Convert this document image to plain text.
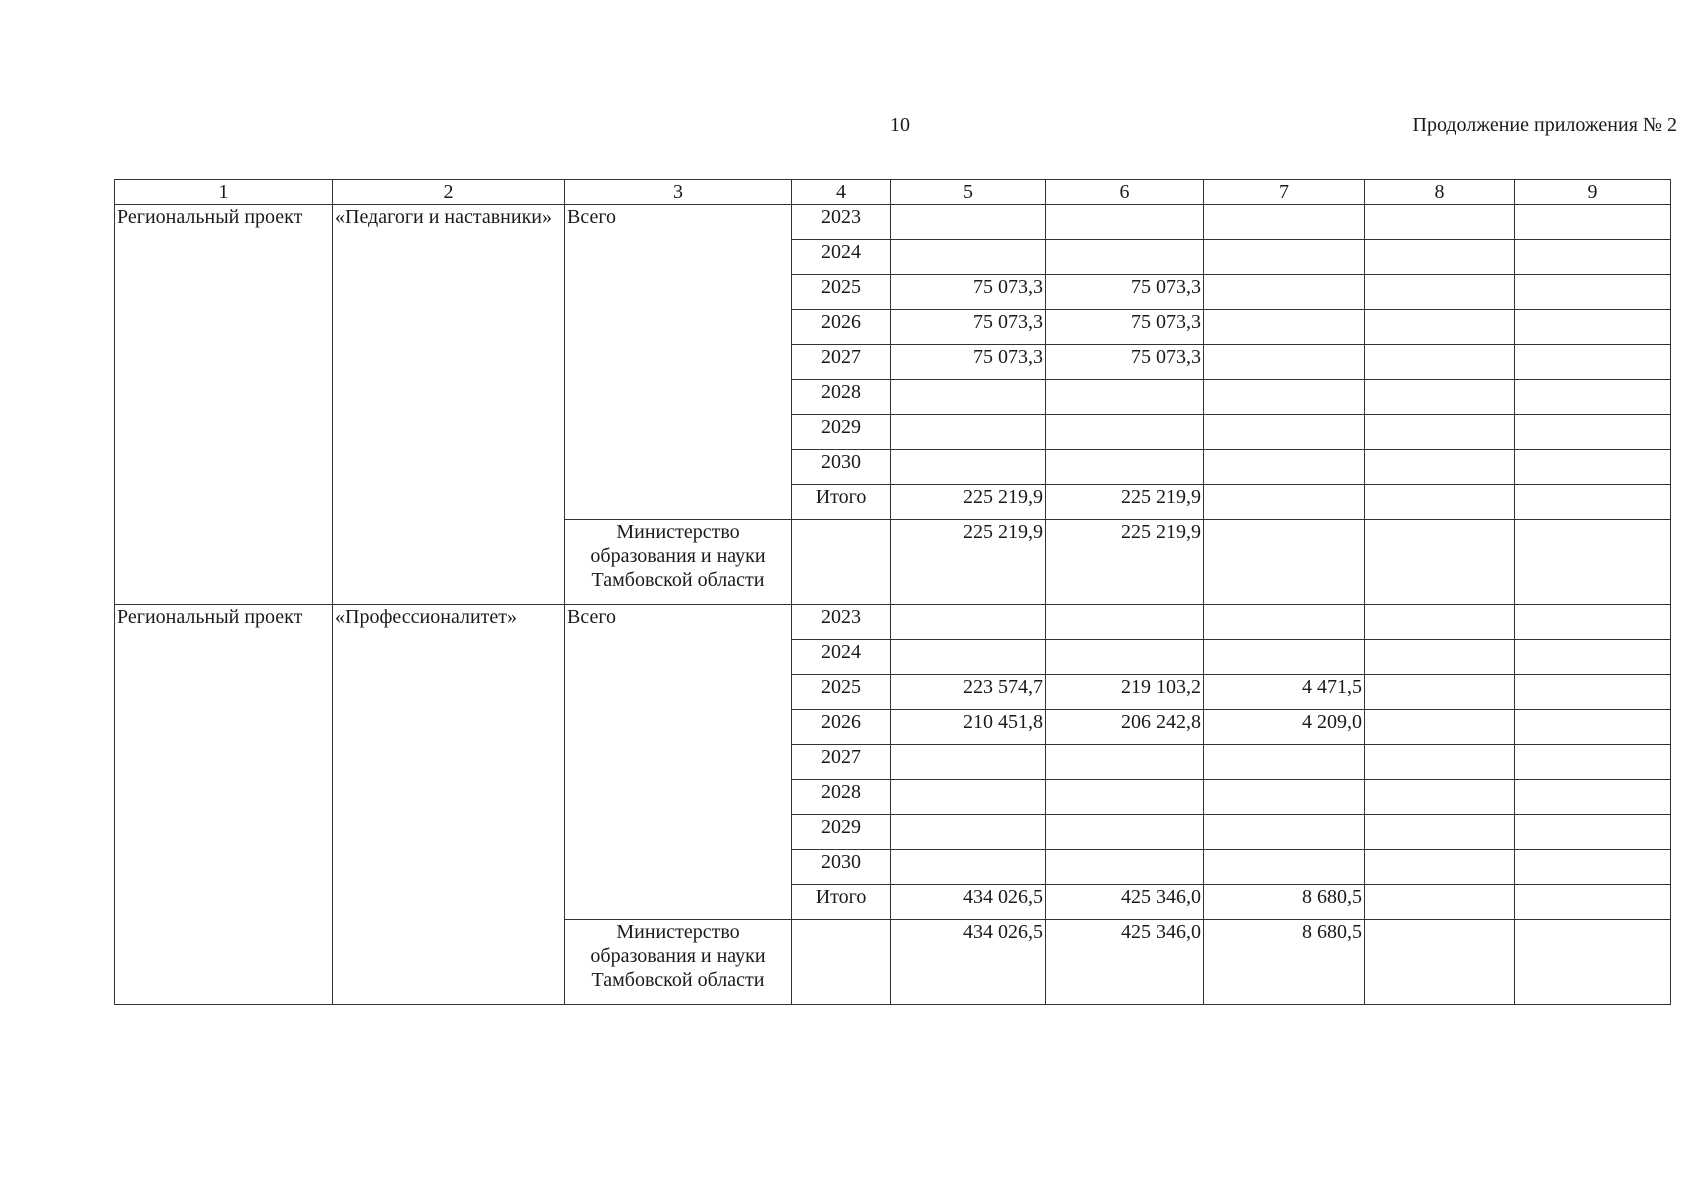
10	Продолжение приложения № 2
1	2	3	4	5	6	7	8	9
Региональный проект	«Педагоги и наставники»	Всего	2023					
			2024					
			2025	75 073,3	75 073,3			
			2026	75 073,3	75 073,3			
			2027	75 073,3	75 073,3			
			2028					
			2029					
			2030					
			Итого	225 219,9	225 219,9			
		Министерство образования и науки Тамбовской области		225 219,9	225 219,9			
Региональный проект	«Профессионалитет»	Всего	2023					
			2024					
			2025	223 574,7	219 103,2	4 471,5		
			2026	210 451,8	206 242,8	4 209,0		
			2027					
			2028					
			2029					
			2030					
			Итого	434 026,5	425 346,0	8 680,5		
		Министерство образования и науки Тамбовской области		434 026,5	425 346,0	8 680,5		
